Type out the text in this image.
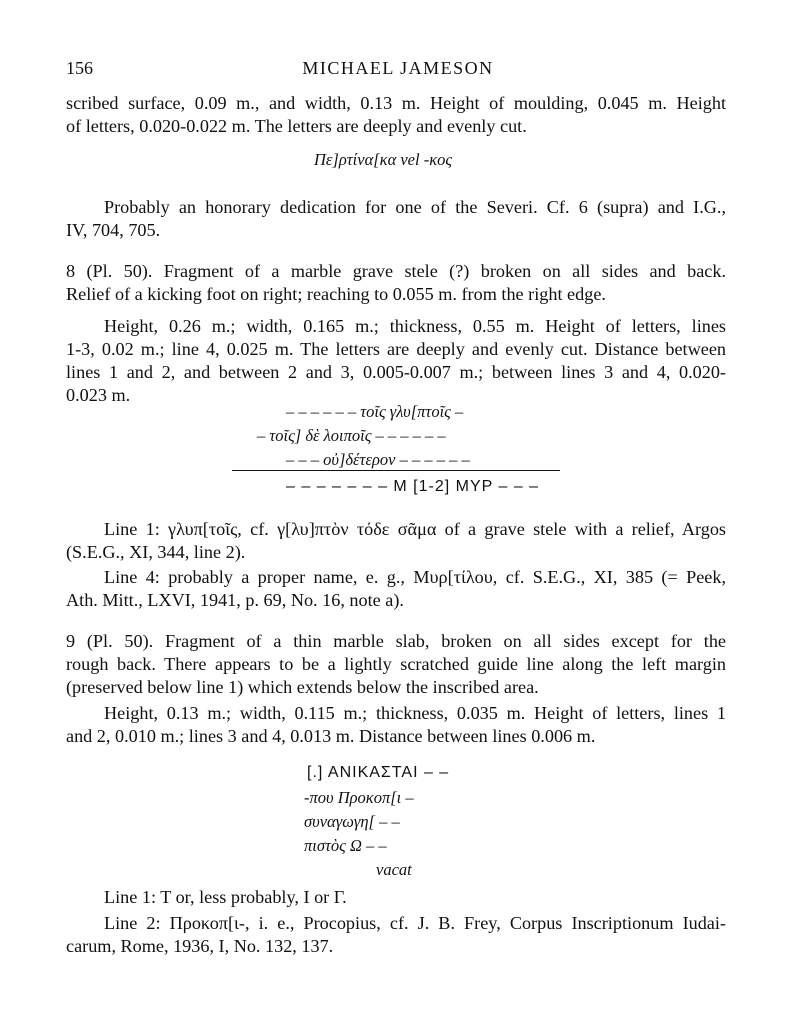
156	MICHAEL JAMESON
scribed surface, 0.09 m., and width, 0.13 m. Height of moulding, 0.045 m. Height
of letters, 0.020-0.022 m. The letters are deeply and evenly cut.
Πε]ρτίνα[κα vel -κος
Probably an honorary dedication for one of the Severi. Cf. 6 (supra) and I.G.,
IV, 704, 705.
8 (Pl. 50). Fragment of a marble grave stele (?) broken on all sides and back.
Relief of a kicking foot on right; reaching to 0.055 m. from the right edge.
Height, 0.26 m.; width, 0.165 m.; thickness, 0.55 m. Height of letters, lines
1-3, 0.02 m.; line 4, 0.025 m. The letters are deeply and evenly cut. Distance between
lines 1 and 2, and between 2 and 3, 0.005-0.007 m.; between lines 3 and 4, 0.020-
0.023 m.
– – – – – – τοῖς γλυ[πτοῖς –
– τοῖς] δὲ λοιποῖς – – – – – –
– – – οὐ]δέτερον – – – – – –
– – – – – – – M [1-2] MYP – – –
Line 1: γλυπ[τοῖς, cf. γ[λυ]πτὸν τόδε σᾶμα of a grave stele with a relief, Argos
(S.E.G., XI, 344, line 2).
Line 4: probably a proper name, e. g., Μυρ[τίλου, cf. S.E.G., XI, 385 (= Peek,
Ath. Mitt., LXVI, 1941, p. 69, No. 16, note a).
9 (Pl. 50). Fragment of a thin marble slab, broken on all sides except for the
rough back. There appears to be a lightly scratched guide line along the left margin
(preserved below line 1) which extends below the inscribed area.
Height, 0.13 m.; width, 0.115 m.; thickness, 0.035 m. Height of letters, lines 1
and 2, 0.010 m.; lines 3 and 4, 0.013 m. Distance between lines 0.006 m.
[.] ANIKAΣTAI – –
-που Προκοπ[ι –
συναγωγη[ – –
πιστὸς Ω – –
vacat
Line 1: T or, less probably, I or Γ.
Line 2: Προκοπ[ι-, i. e., Procopius, cf. J. B. Frey, Corpus Inscriptionum Iudai-
carum, Rome, 1936, I, No. 132, 137.
